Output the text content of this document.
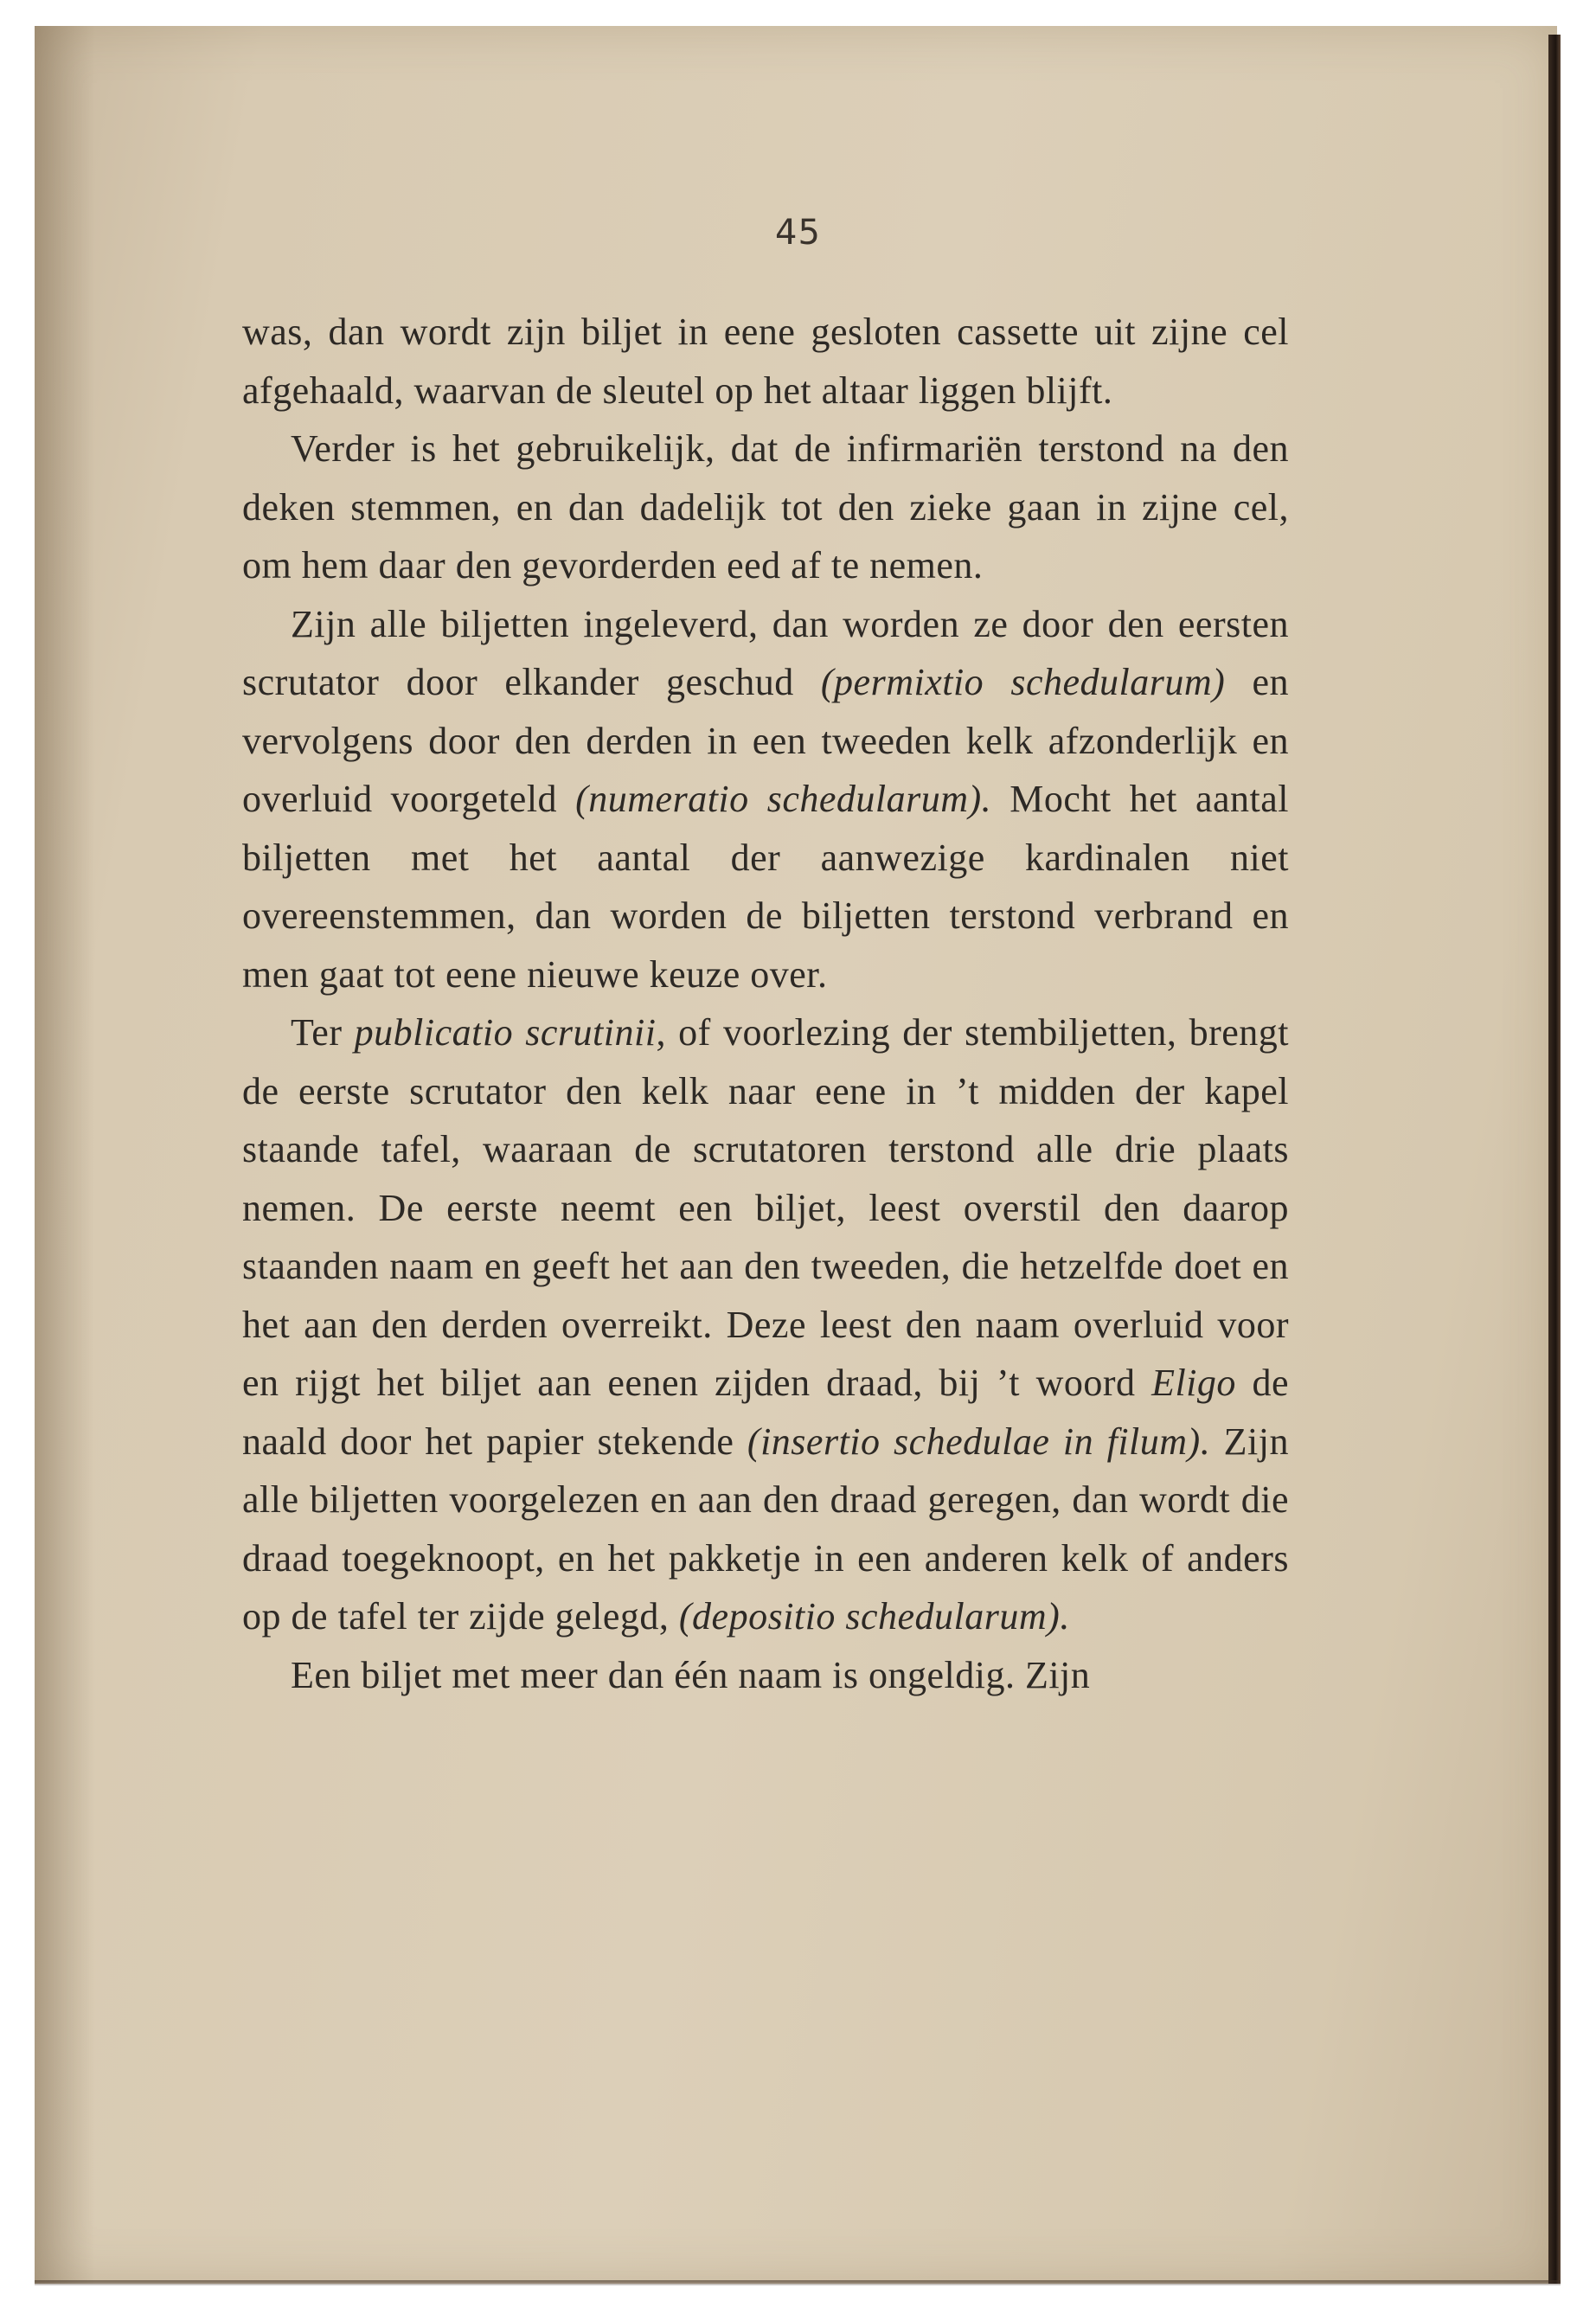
45

was, dan wordt zijn biljet in eene gesloten cassette uit zijne cel afgehaald, waarvan de sleutel op het altaar liggen blijft.

Verder is het gebruikelijk, dat de infirmariën terstond na den deken stemmen, en dan dadelijk tot den zieke gaan in zijne cel, om hem daar den gevorderden eed af te nemen.

Zijn alle biljetten ingeleverd, dan worden ze door den eersten scrutator door elkander geschud (permixtio schedularum) en vervolgens door den derden in een tweeden kelk afzonderlijk en overluid voorgeteld (numeratio schedularum). Mocht het aantal biljetten met het aantal der aanwezige kardinalen niet overeenstemmen, dan worden de biljetten terstond verbrand en men gaat tot eene nieuwe keuze over.

Ter publicatio scrutinii, of voorlezing der stembiljetten, brengt de eerste scrutator den kelk naar eene in ’t midden der kapel staande tafel, waaraan de scrutatoren terstond alle drie plaats nemen. De eerste neemt een biljet, leest overstil den daarop staanden naam en geeft het aan den tweeden, die hetzelfde doet en het aan den derden overreikt. Deze leest den naam overluid voor en rijgt het biljet aan eenen zijden draad, bij ’t woord Eligo de naald door het papier stekende (insertio schedulae in filum). Zijn alle biljetten voorgelezen en aan den draad geregen, dan wordt die draad toegeknoopt, en het pakketje in een anderen kelk of anders op de tafel ter zijde gelegd, (depositio schedularum).

Een biljet met meer dan één naam is ongeldig. Zijn
